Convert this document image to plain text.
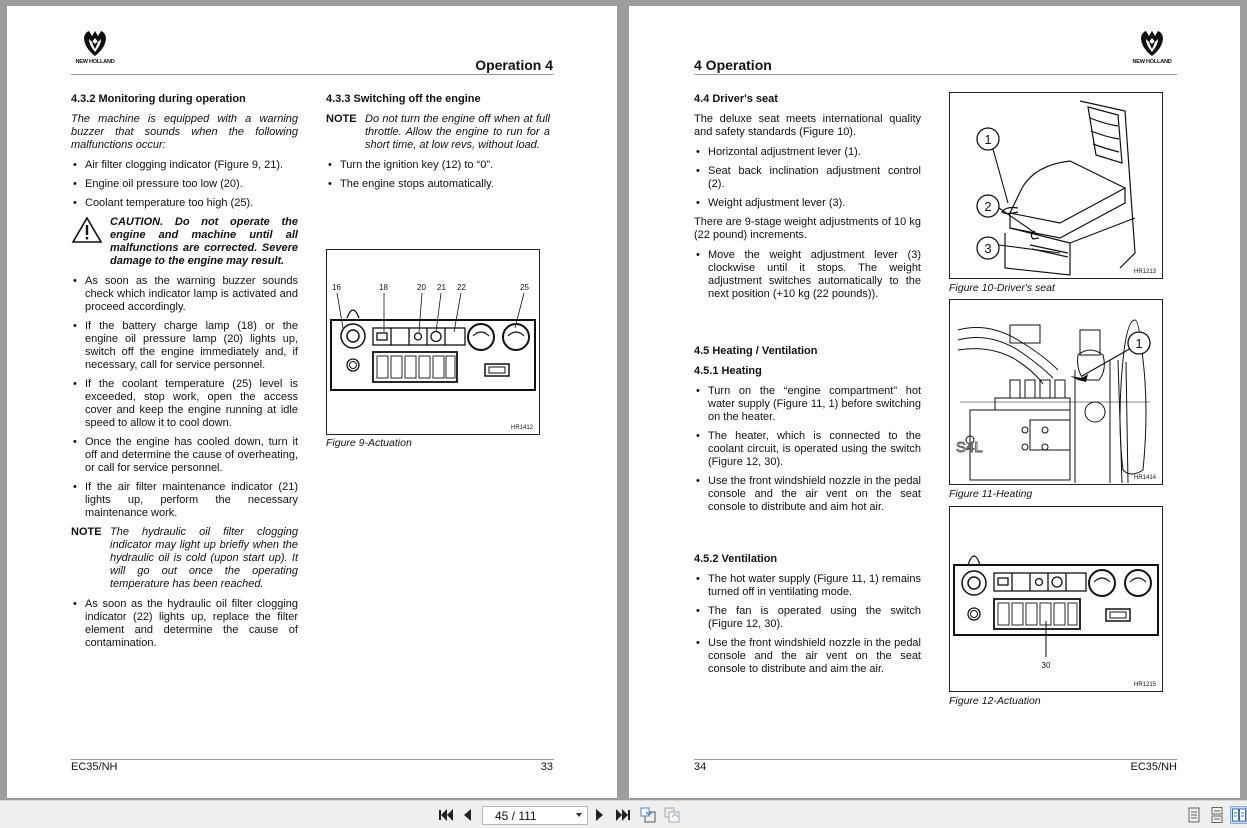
NEW HOLLAND	Operation 4
4.3.2 Monitoring during operation
The machine is equipped with a warning buzzer that sounds when the following malfunctions occur:
• Air filter clogging indicator (Figure 9, 21).
• Engine oil pressure too low (20).
• Coolant temperature too high (25).
CAUTION. Do not operate the engine and machine until all malfunctions are corrected. Severe damage to the engine may result.
• As soon as the warning buzzer sounds check which indicator lamp is activated and proceed accordingly.
• If the battery charge lamp (18) or the engine oil pressure lamp (20) lights up, switch off the engine immediately and, if necessary, call for service personnel.
• If the coolant temperature (25) level is exceeded, stop work, open the access cover and keep the engine running at idle speed to allow it to cool down.
• Once the engine has cooled down, turn it off and determine the cause of overheating, or call for service personnel.
• If the air filter maintenance indicator (21) lights up, perform the necessary maintenance work.
NOTE The hydraulic oil filter clogging indicator may light up briefly when the hydraulic oil is cold (upon start up). It will go out once the operating temperature has been reached.
• As soon as the hydraulic oil filter clogging indicator (22) lights up, replace the filter element and determine the cause of contamination.
4.3.3 Switching off the engine
NOTE Do not turn the engine off when at full throttle. Allow the engine to run for a short time, at low revs, without load.
• Turn the ignition key (12) to “0”.
• The engine stops automatically.
16	18	20 21 22	25
HR1412
Figure 9-Actuation
EC35/NH	33
4 Operation	NEW HOLLAND
4.4 Driver's seat
The deluxe seat meets international quality and safety standards (Figure 10).
• Horizontal adjustment lever (1).
• Seat back inclination adjustment control (2).
• Weight adjustment lever (3).
There are 9-stage weight adjustments of 10 kg (22 pound) increments.
• Move the weight adjustment lever (3) clockwise until it stops. The weight adjustment switches automatically to the next position (+10 kg (22 pounds)).
4.5 Heating / Ventilation
4.5.1 Heating
• Turn on the “engine compartment” hot water supply (Figure 11, 1) before switching on the heater.
• The heater, which is connected to the coolant circuit, is operated using the switch (Figure 12, 30).
• Use the front windshield nozzle in the pedal console and the air vent on the seat console to distribute and aim hot air.
4.5.2 Ventilation
• The hot water supply (Figure 11, 1) remains turned off in ventilating mode.
• The fan is operated using the switch (Figure 12, 30).
• Use the front windshield nozzle in the pedal console and the air vent on the seat console to distribute and aim the air.
1
2
3
HR1213
Figure 10-Driver's seat
S4L
1
HR1414
Figure 11-Heating
30
HR1215
Figure 12-Actuation
34	EC35/NH
45 / 111
